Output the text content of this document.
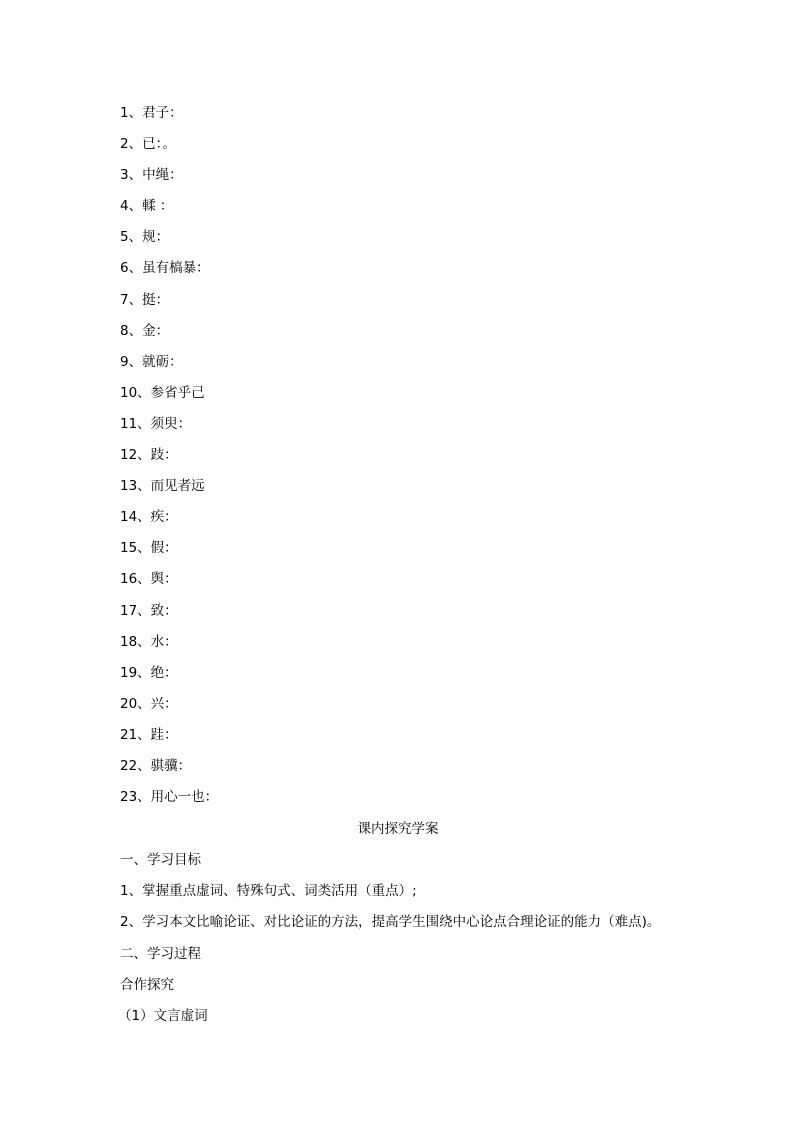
1、君子：
2、已：。
3、中绳：
4、輮 ：
5、规：
6、虽有槁暴：
7、挺：
8、金：
9、就砺：
10、参省乎己
11、须臾：
12、跂：
13、而见者远
14、疾：
15、假：
16、舆：
17、致：
18、水：
19、绝：
20、兴：
21、跬：
22、骐骥：
23、用心一也：
课内探究学案
一、学习目标
1、掌握重点虚词、特殊句式、词类活用（重点）;
2、学习本文比喻论证、对比论证的方法，提高学生围绕中心论点合理论证的能力（难点)。
二、学习过程
合作探究
（1）文言虚词
